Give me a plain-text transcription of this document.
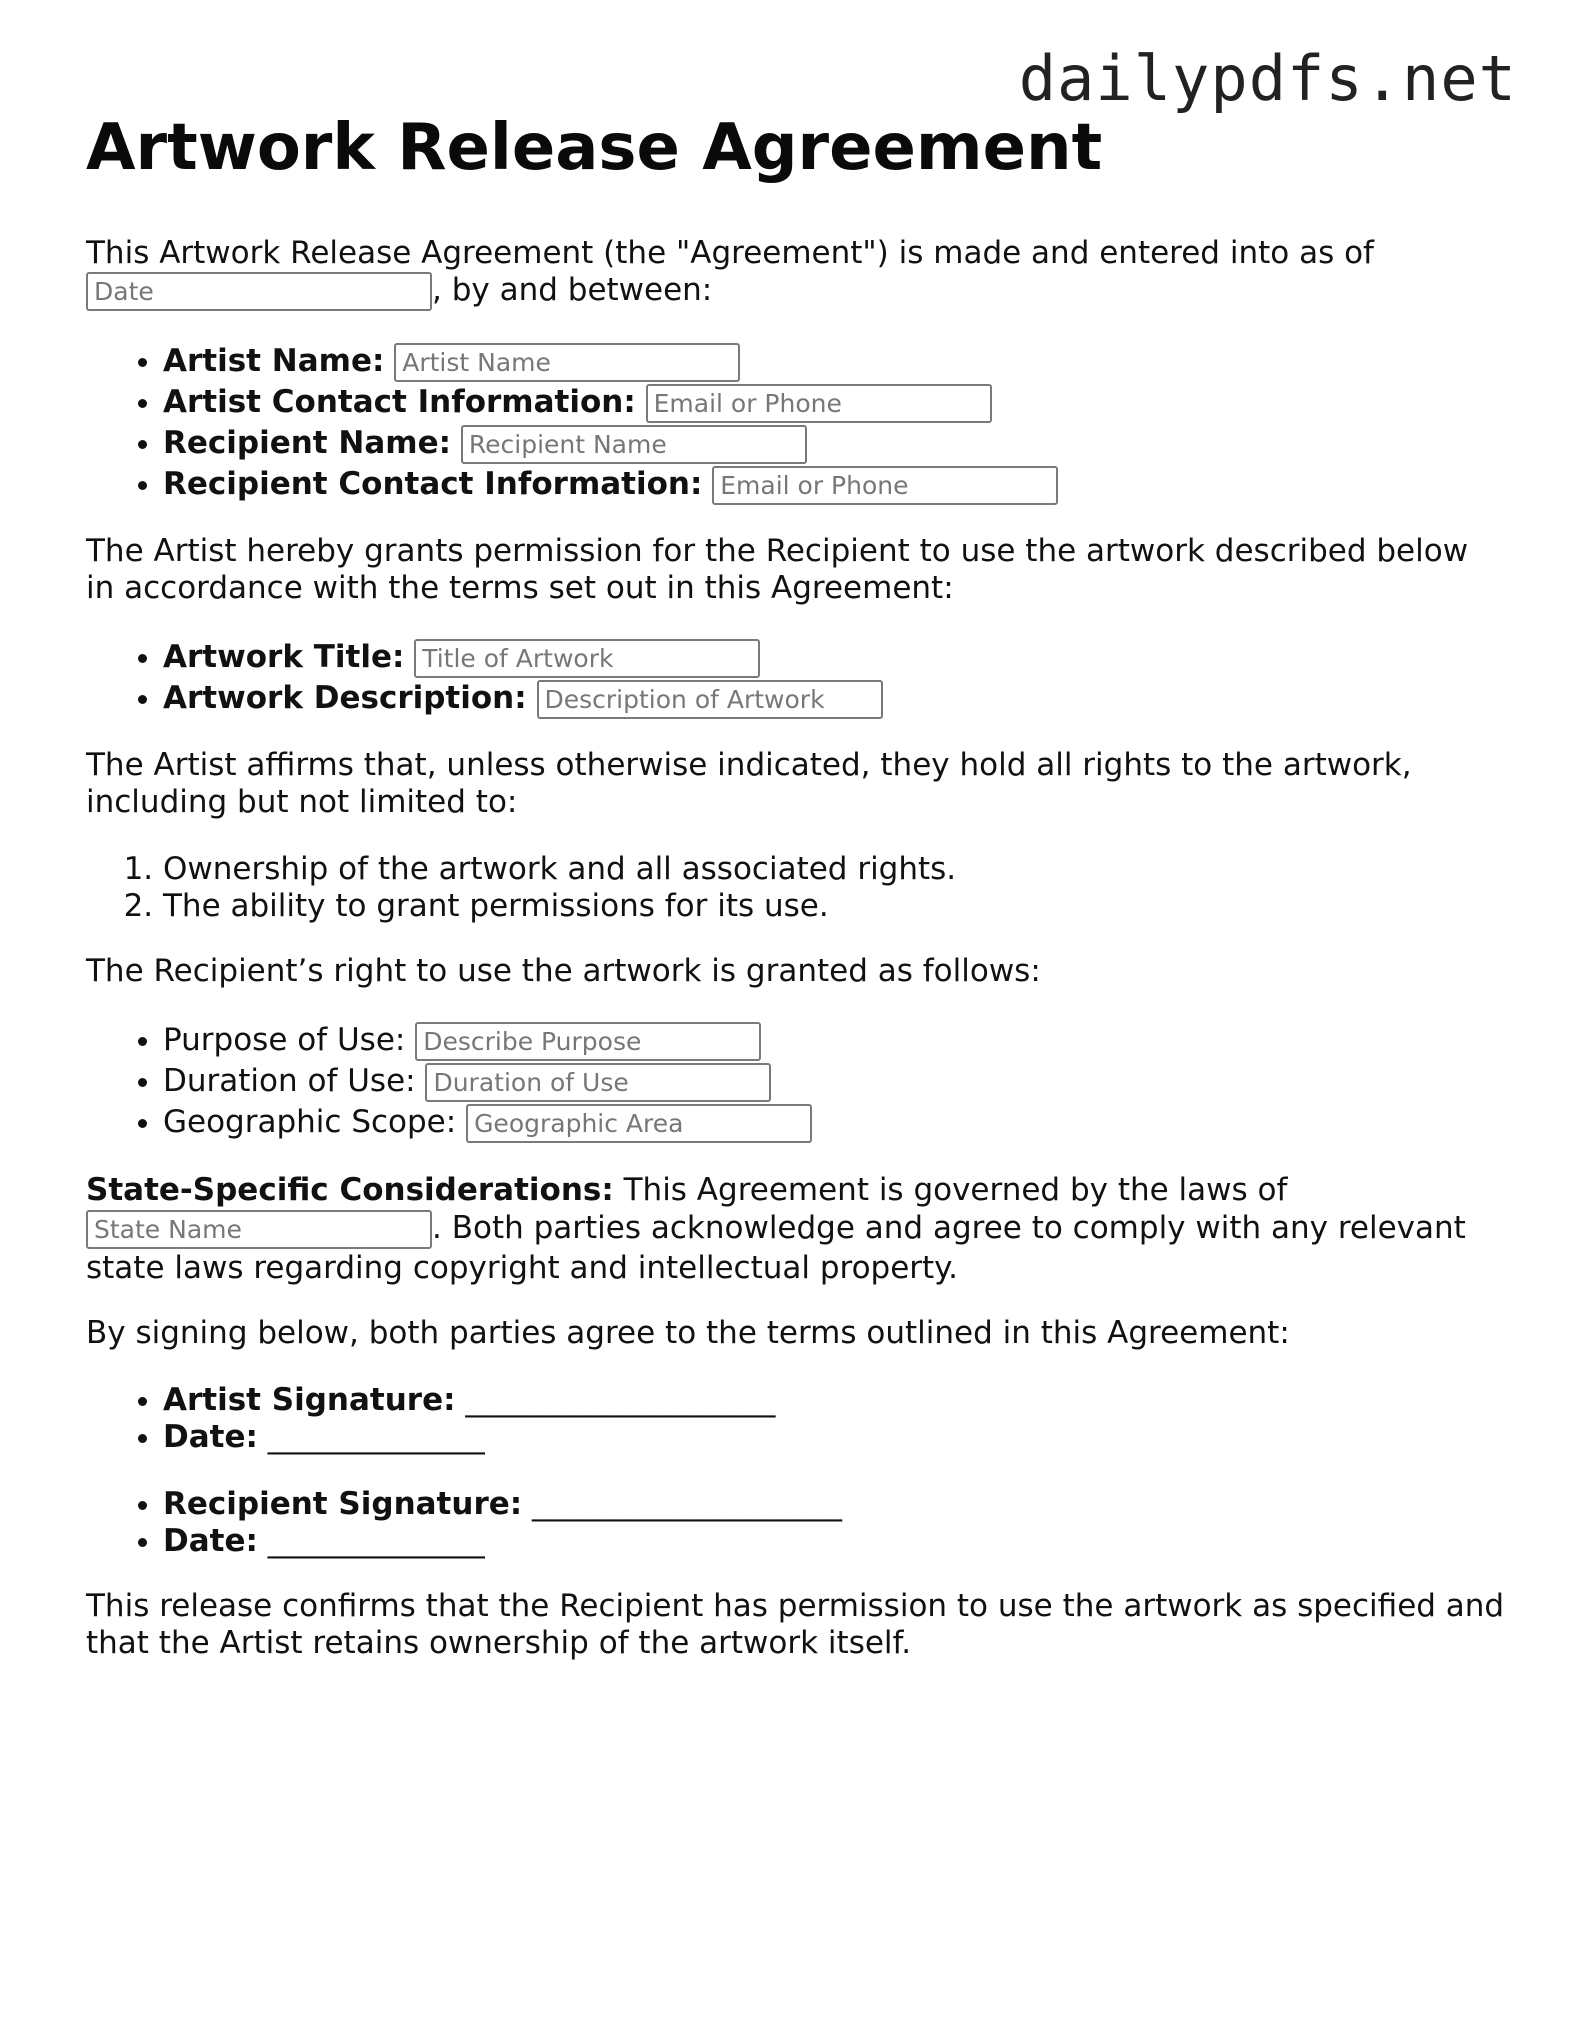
dailypdfs.net
Artwork Release Agreement

This Artwork Release Agreement (the "Agreement") is made and entered into as of
Date	, by and between:

• Artist Name: Artist Name
• Artist Contact Information: Email or Phone
• Recipient Name: Recipient Name
• Recipient Contact Information: Email or Phone

The Artist hereby grants permission for the Recipient to use the artwork described below in accordance with the terms set out in this Agreement:

• Artwork Title: Title of Artwork
• Artwork Description: Description of Artwork

The Artist affirms that, unless otherwise indicated, they hold all rights to the artwork, including but not limited to:

1. Ownership of the artwork and all associated rights.
2. The ability to grant permissions for its use.

The Recipient’s right to use the artwork is granted as follows:

• Purpose of Use: Describe Purpose
• Duration of Use: Duration of Use
• Geographic Scope: Geographic Area

State-Specific Considerations: This Agreement is governed by the laws of
State Name	. Both parties acknowledge and agree to comply with any relevant state laws regarding copyright and intellectual property.

By signing below, both parties agree to the terms outlined in this Agreement:

• Artist Signature: ____________________
• Date: ______________
• Recipient Signature: ____________________
• Date: ______________

This release confirms that the Recipient has permission to use the artwork as specified and that the Artist retains ownership of the artwork itself.
